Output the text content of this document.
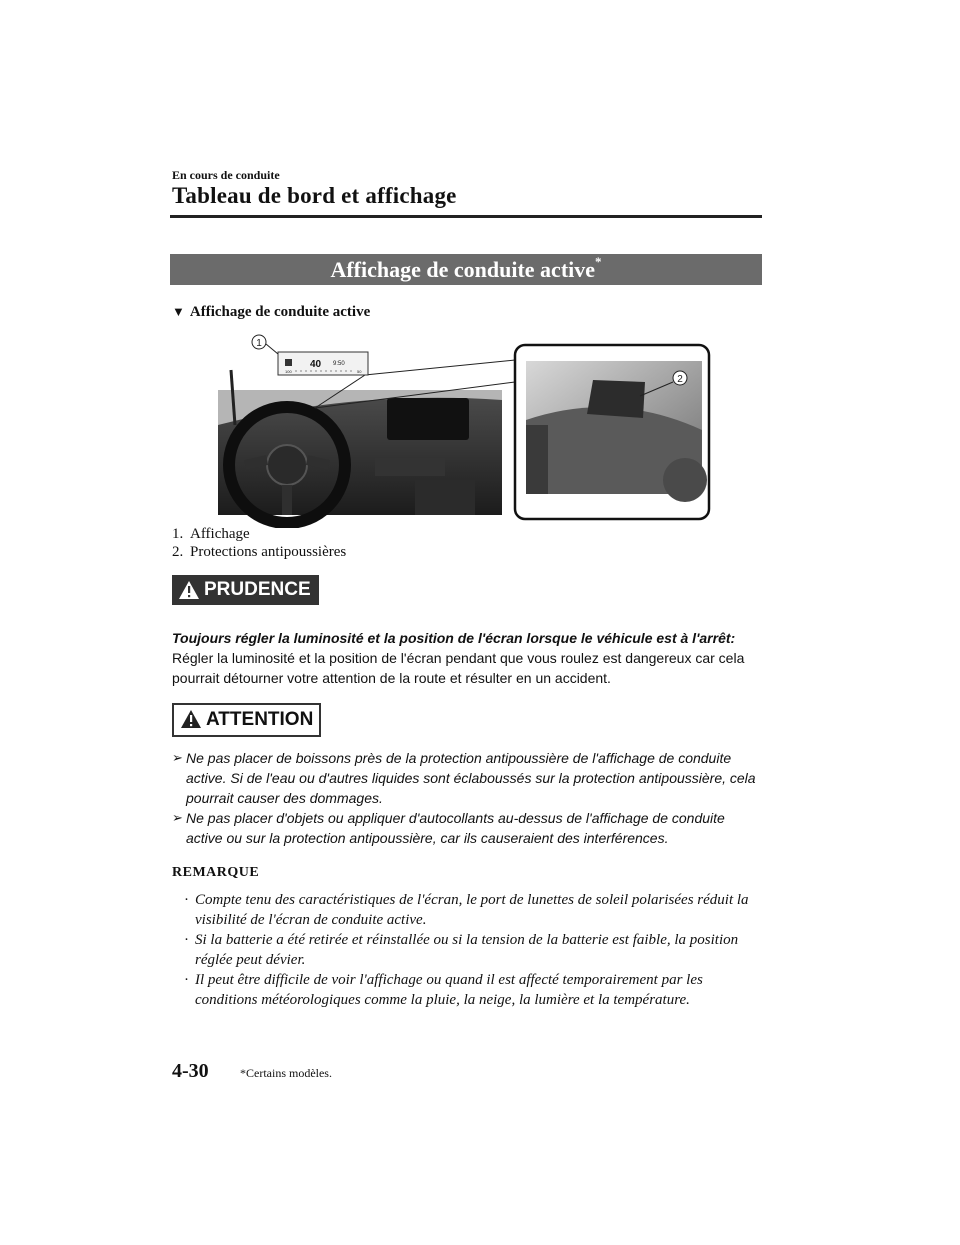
En cours de conduite
Tableau de bord et affichage
Affichage de conduite active*
▼ Affichage de conduite active
40 9:50
100	50
1
2
1. Affichage
2. Protections antipoussières
PRUDENCE
Toujours régler la luminosité et la position de l'écran lorsque le véhicule est à l'arrêt:
Régler la luminosité et la position de l'écran pendant que vous roulez est dangereux car cela pourrait détourner votre attention de la route et résulter en un accident.
ATTENTION
➢ Ne pas placer de boissons près de la protection antipoussière de l'affichage de conduite active. Si de l'eau ou d'autres liquides sont éclaboussés sur la protection antipoussière, cela pourrait causer des dommages.
➢ Ne pas placer d'objets ou appliquer d'autocollants au-dessus de l'affichage de conduite active ou sur la protection antipoussière, car ils causeraient des interférences.
REMARQUE
· Compte tenu des caractéristiques de l'écran, le port de lunettes de soleil polarisées réduit la visibilité de l'écran de conduite active.
· Si la batterie a été retirée et réinstallée ou si la tension de la batterie est faible, la position réglée peut dévier.
· Il peut être difficile de voir l'affichage ou quand il est affecté temporairement par les conditions météorologiques comme la pluie, la neige, la lumière et la température.
4-30	*Certains modèles.
